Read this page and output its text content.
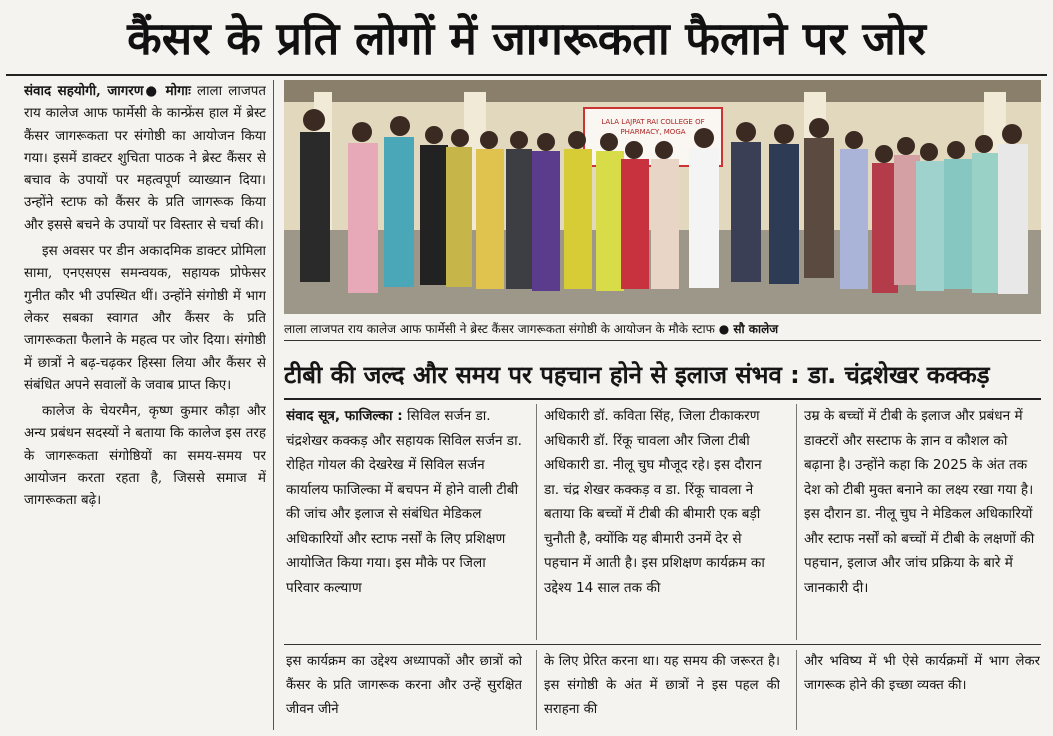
कैंसर के प्रति लोगों में जागरूकता फैलाने पर जोर

संवाद सहयोगी, जागरण● मोगाः लाला लाजपत राय कालेज आफ फार्मेसी के कान्फ्रेंस हाल में ब्रेस्ट कैंसर जागरूकता पर संगोष्ठी का आयोजन किया गया। इसमें डाक्टर शुचिता पाठक ने ब्रेस्ट कैंसर से बचाव के उपायों पर महत्वपूर्ण व्याख्यान दिया। उन्होंने स्टाफ को कैंसर के प्रति जागरूक किया और इससे बचने के उपायों पर विस्तार से चर्चा की।

इस अवसर पर डीन अकादमिक डाक्टर प्रोमिला सामा, एनएसएस समन्वयक, सहायक प्रोफेसर गुनीत कौर भी उपस्थित थीं। उन्होंने संगोष्ठी में भाग लेकर सबका स्वागत और कैंसर के प्रति जागरूकता फैलाने के महत्व पर जोर दिया। संगोष्ठी में छात्रों ने बढ़-चढ़कर हिस्सा लिया और कैंसर से संबंधित अपने सवालों के जवाब प्राप्त किए।

कालेज के चेयरमैन, कृष्ण कुमार कौड़ा और अन्य प्रबंधन सदस्यों ने बताया कि कालेज इस तरह के जागरूकता संगोष्ठियों का समय-समय पर आयोजन करता रहता है, जिससे समाज में जागरूकता बढ़े।

LALA LAJPAT RAI COLLEGE OF
PHARMACY, MOGA
लाला लाजपत राय कालेज आफ फार्मेसी ने ब्रेस्ट कैंसर जागरूकता संगोष्ठी के आयोजन के मौके स्टाफ ● सौ कालेज
टीबी की जल्द और समय पर पहचान होने से इलाज संभव : डा. चंद्रशेखर कक्कड़
संवाद सूत्र, फाजिल्का : सिविल सर्जन डा. चंद्रशेखर कक्कड़ और सहायक सिविल सर्जन डा. रोहित गोयल की देखरेख में सिविल सर्जन कार्यालय फाजिल्का में बचपन में होने वाली टीबी की जांच और इलाज से संबंधित मेडिकल अधिकारियों और स्टाफ नर्सों के लिए प्रशिक्षण आयोजित किया गया। इस मौके पर जिला परिवार कल्याण
अधिकारी डॉ. कविता सिंह, जिला टीकाकरण अधिकारी डॉ. रिंकू चावला और जिला टीबी अधिकारी डा. नीलू चुघ मौजूद रहे। इस दौरान डा. चंद्र शेखर कक्कड़ व डा. रिंकू चावला ने बताया कि बच्चों में टीबी की बीमारी एक बड़ी चुनौती है, क्योंकि यह बीमारी उनमें देर से पहचान में आती है। इस प्रशिक्षण कार्यक्रम का उद्देश्य 14 साल तक की
उम्र के बच्चों में टीबी के इलाज और प्रबंधन में डाक्टरों और सस्टाफ के ज्ञान व कौशल को बढ़ाना है। उन्होंने कहा कि 2025 के अंत तक देश को टीबी मुक्त बनाने का लक्ष्य रखा गया है। इस दौरान डा. नीलू चुघ ने मेडिकल अधिकारियों और स्टाफ नर्सों को बच्चों में टीबी के लक्षणों की पहचान, इलाज और जांच प्रक्रिया के बारे में जानकारी दी।
इस कार्यक्रम का उद्देश्य अध्यापकों और छात्रों को कैंसर के प्रति जागरूक करना और उन्हें सुरक्षित जीवन जीने
के लिए प्रेरित करना था। यह समय की जरूरत है। इस संगोष्ठी के अंत में छात्रों ने इस पहल की सराहना की
और भविष्य में भी ऐसे कार्यक्रमों में भाग लेकर जागरूक होने की इच्छा व्यक्त की।
